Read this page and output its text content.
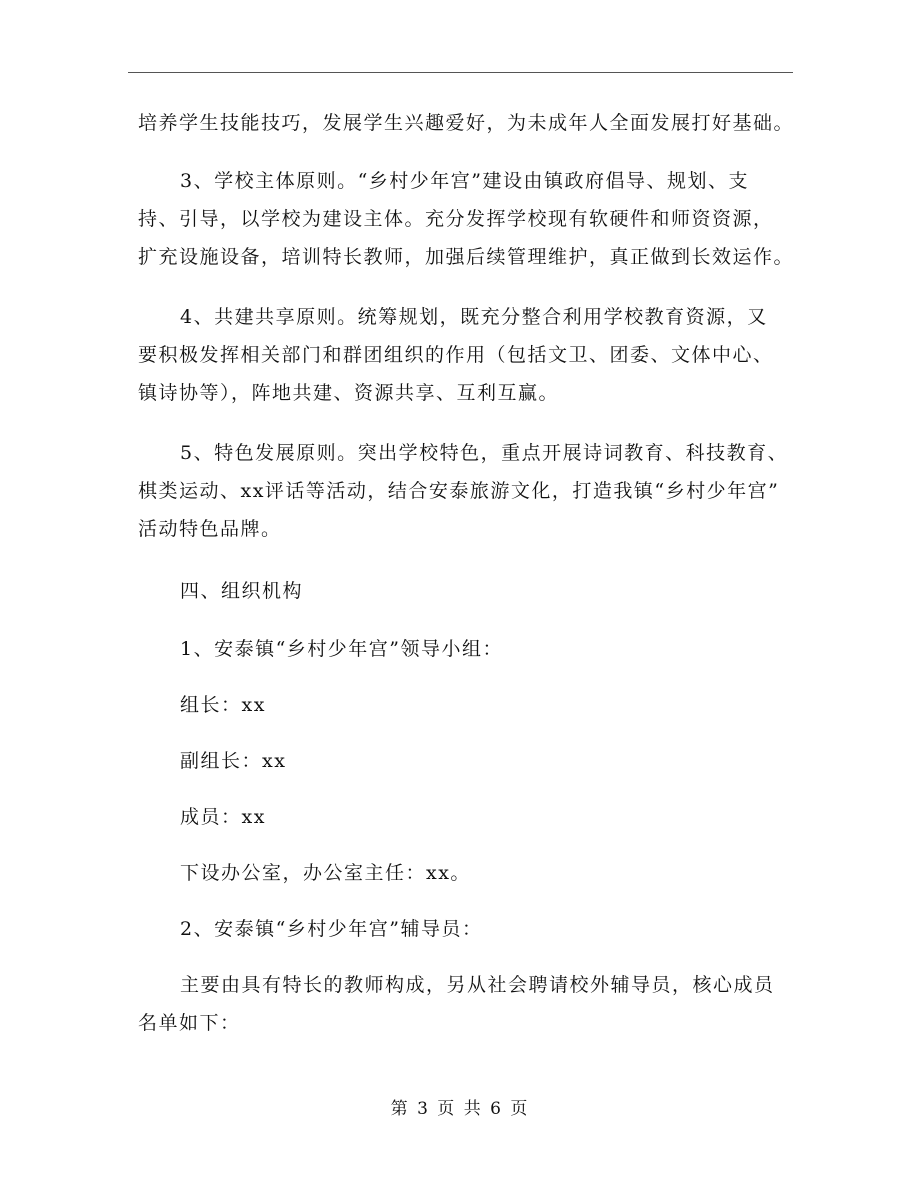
培养学生技能技巧，发展学生兴趣爱好，为未成年人全面发展打好基础。
3、学校主体原则。“乡村少年宫”建设由镇政府倡导、规划、支
持、引导，以学校为建设主体。充分发挥学校现有软硬件和师资资源，
扩充设施设备，培训特长教师，加强后续管理维护，真正做到长效运作。
4、共建共享原则。统筹规划，既充分整合利用学校教育资源，又
要积极发挥相关部门和群团组织的作用（包括文卫、团委、文体中心、
镇诗协等），阵地共建、资源共享、互利互赢。
5、特色发展原则。突出学校特色，重点开展诗词教育、科技教育、
棋类运动、xx评话等活动，结合安泰旅游文化，打造我镇“乡村少年宫”
活动特色品牌。
四、组织机构
1、安泰镇“乡村少年宫”领导小组：
组长：xx
副组长：xx
成员：xx
下设办公室，办公室主任：xx。
2、安泰镇“乡村少年宫”辅导员：
主要由具有特长的教师构成，另从社会聘请校外辅导员，核心成员
名单如下：
第 3 页 共 6 页
